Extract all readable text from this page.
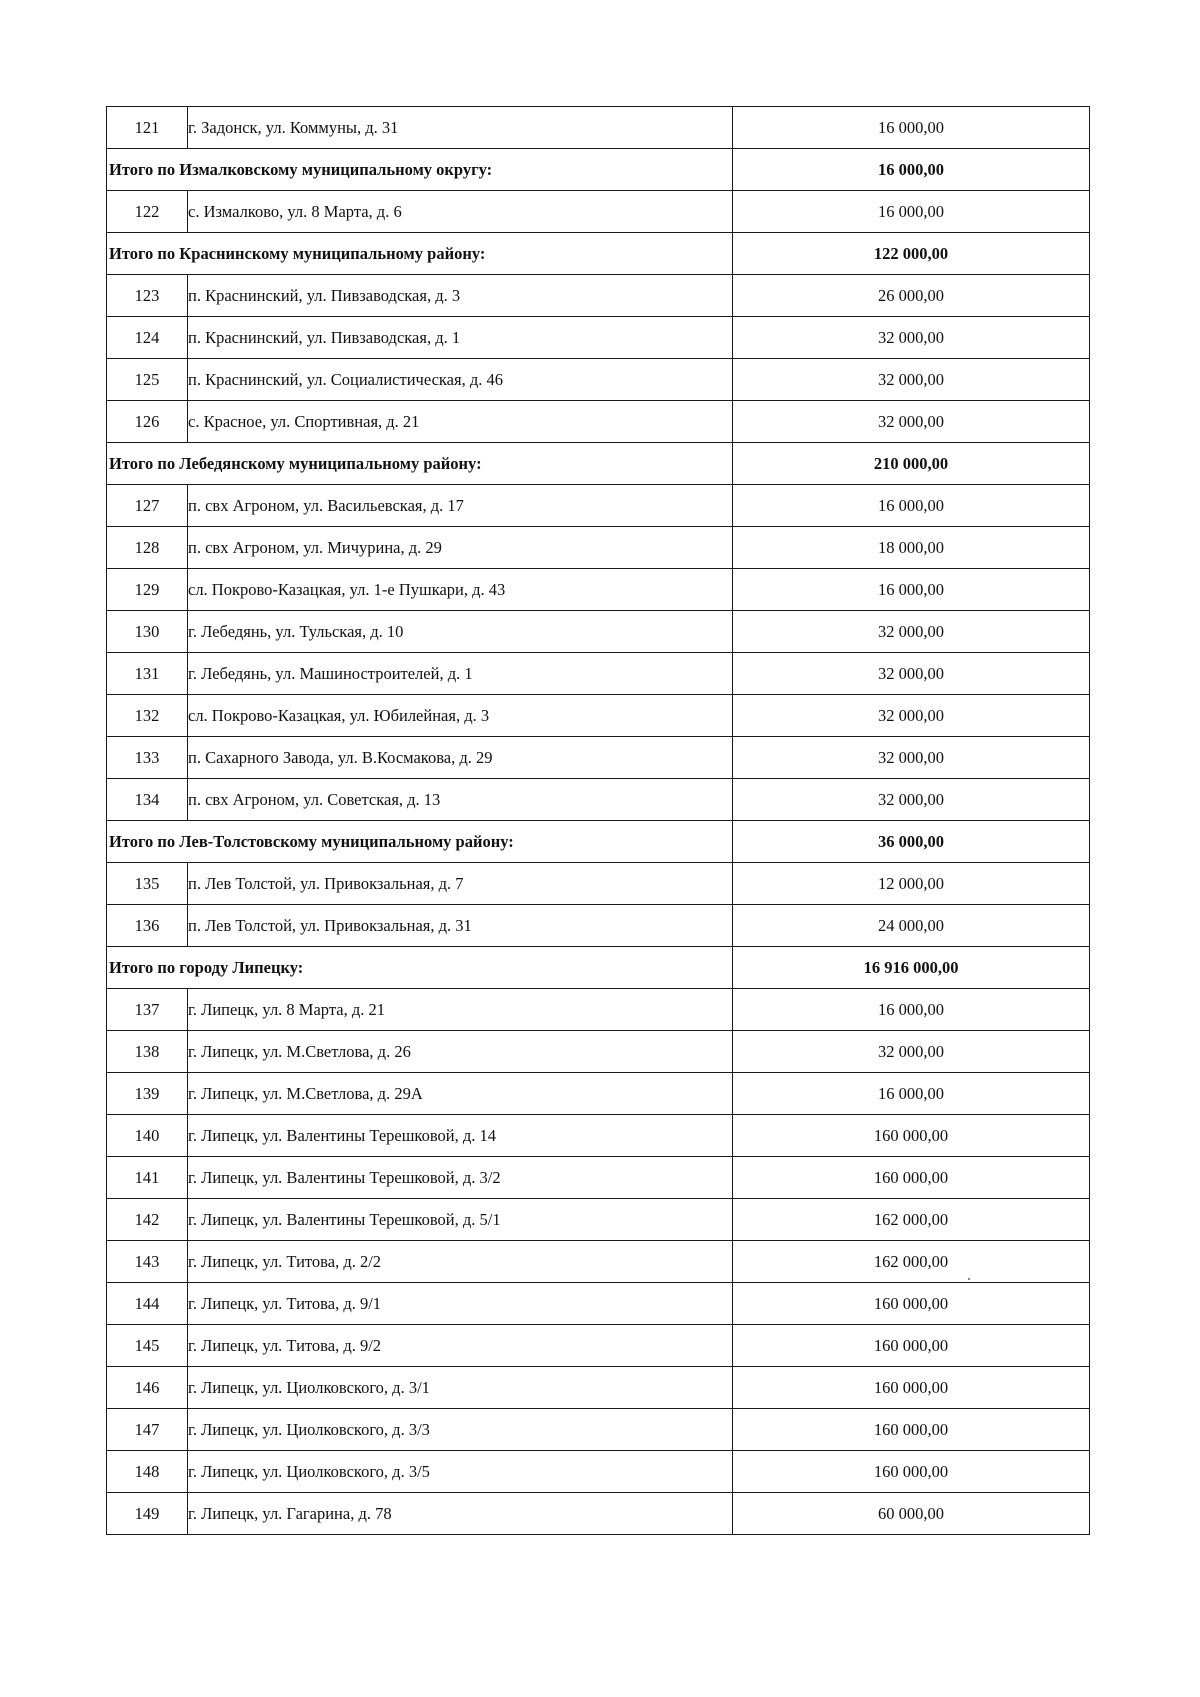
121	г. Задонск, ул. Коммуны, д. 31	16 000,00
Итого по Измалковскому муниципальному округу:		16 000,00
122	с. Измалково, ул. 8 Марта, д. 6	16 000,00
Итого по Краснинскому муниципальному району:		122 000,00
123	п. Краснинский, ул. Пивзаводская, д. 3	26 000,00
124	п. Краснинский, ул. Пивзаводская, д. 1	32 000,00
125	п. Краснинский, ул. Социалистическая, д. 46	32 000,00
126	с. Красное, ул. Спортивная, д. 21	32 000,00
Итого по Лебедянскому муниципальному району:		210 000,00
127	п. свх Агроном, ул. Васильевская, д. 17	16 000,00
128	п. свх Агроном, ул. Мичурина, д. 29	18 000,00
129	сл. Покрово-Казацкая, ул. 1-е Пушкари, д. 43	16 000,00
130	г. Лебедянь, ул. Тульская, д. 10	32 000,00
131	г. Лебедянь, ул. Машиностроителей, д. 1	32 000,00
132	сл. Покрово-Казацкая, ул. Юбилейная, д. 3	32 000,00
133	п. Сахарного Завода, ул. В.Космакова, д. 29	32 000,00
134	п. свх Агроном, ул. Советская, д. 13	32 000,00
Итого по Лев-Толстовскому муниципальному району:		36 000,00
135	п. Лев Толстой, ул. Привокзальная, д. 7	12 000,00
136	п. Лев Толстой, ул. Привокзальная, д. 31	24 000,00
Итого по городу Липецку:		16 916 000,00
137	г. Липецк, ул. 8 Марта, д. 21	16 000,00
138	г. Липецк, ул. М.Светлова, д. 26	32 000,00
139	г. Липецк, ул. М.Светлова, д. 29А	16 000,00
140	г. Липецк, ул. Валентины Терешковой, д. 14	160 000,00
141	г. Липецк, ул. Валентины Терешковой, д. 3/2	160 000,00
142	г. Липецк, ул. Валентины Терешковой, д. 5/1	162 000,00
143	г. Липецк, ул. Титова, д. 2/2	162 000,00
144	г. Липецк, ул. Титова, д. 9/1	160 000,00
145	г. Липецк, ул. Титова, д. 9/2	160 000,00
146	г. Липецк, ул. Циолковского, д. 3/1	160 000,00
147	г. Липецк, ул. Циолковского, д. 3/3	160 000,00
148	г. Липецк, ул. Циолковского, д. 3/5	160 000,00
149	г. Липецк, ул. Гагарина, д. 78	60 000,00
